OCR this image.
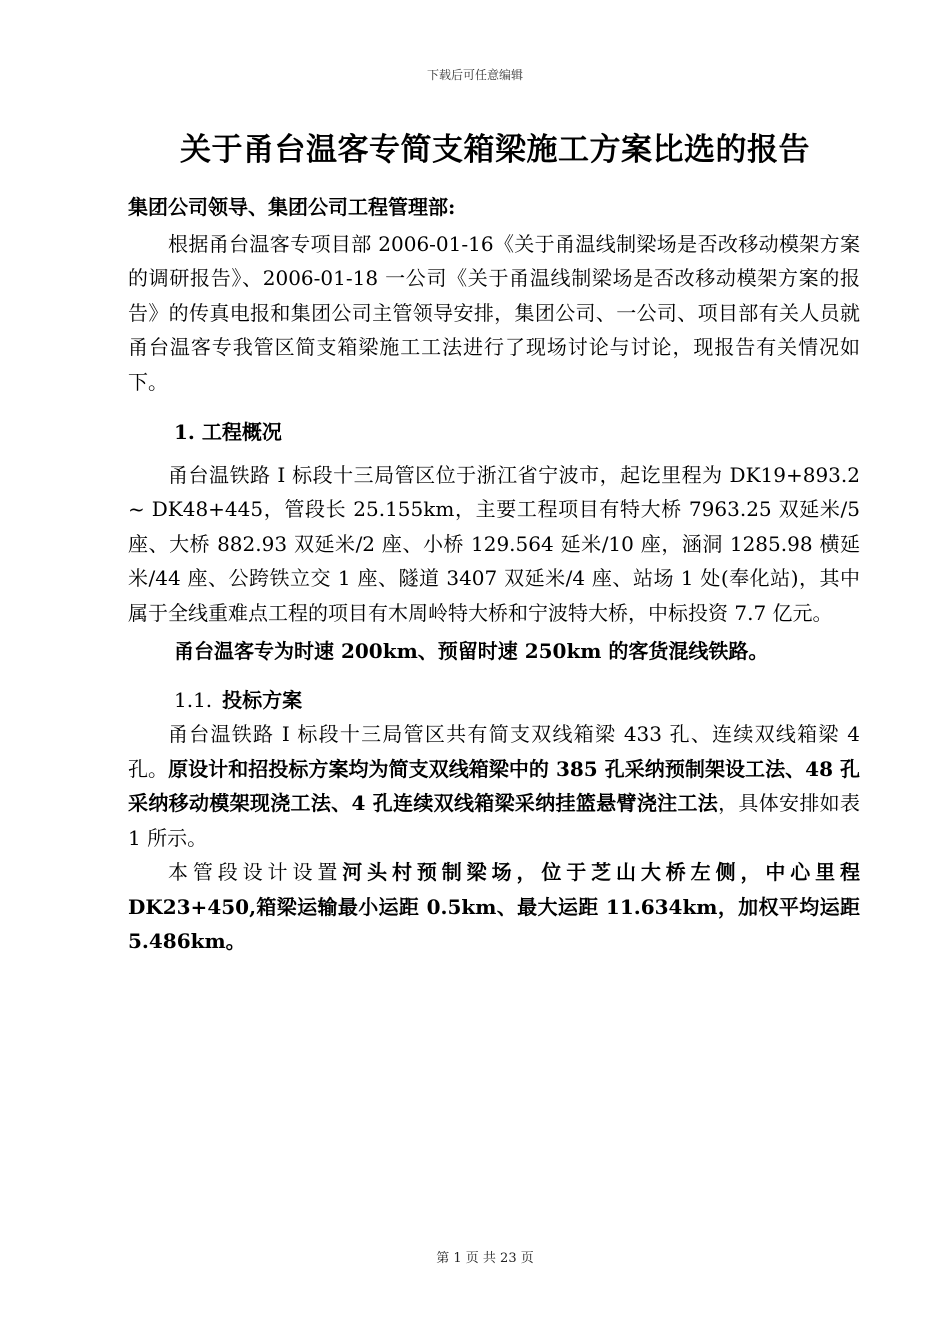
下载后可任意编辑
关于甬台温客专简支箱梁施工方案比选的报告

集团公司领导、集团公司工程管理部:

根据甬台温客专项目部 2006-01-16《关于甬温线制梁场是否改移动模架方案的调研报告》、2006-01-18 一公司《关于甬温线制梁场是否改移动模架方案的报告》的传真电报和集团公司主管领导安排，集团公司、一公司、项目部有关人员就甬台温客专我管区简支箱梁施工工法进行了现场讨论与讨论，现报告有关情况如下。

1. 工程概况

甬台温铁路 I 标段十三局管区位于浙江省宁波市，起讫里程为 DK19+893.2 ~ DK48+445，管段长 25.155km，主要工程项目有特大桥 7963.25 双延米/5 座、大桥 882.93 双延米/2 座、小桥 129.564 延米/10 座，涵洞 1285.98 横延米/44 座、公跨铁立交 1 座、隧道 3407 双延米/4 座、站场 1 处(奉化站)，其中属于全线重难点工程的项目有木周岭特大桥和宁波特大桥，中标投资 7.7 亿元。

甬台温客专为时速 200km、预留时速 250km 的客货混线铁路。

1.1. 投标方案

甬台温铁路 I 标段十三局管区共有简支双线箱梁 433 孔、连续双线箱梁 4 孔。原设计和招投标方案均为简支双线箱梁中的 385 孔采纳预制架设工法、48 孔采纳移动模架现浇工法、4 孔连续双线箱梁采纳挂篮悬臂浇注工法，具体安排如表 1 所示。

本管段设计设置河头村预制梁场，位于芝山大桥左侧，中心里程 DK23+450,箱梁运输最小运距 0.5km、最大运距 11.634km，加权平均运距 5.486km。

第 1 页 共 23 页
